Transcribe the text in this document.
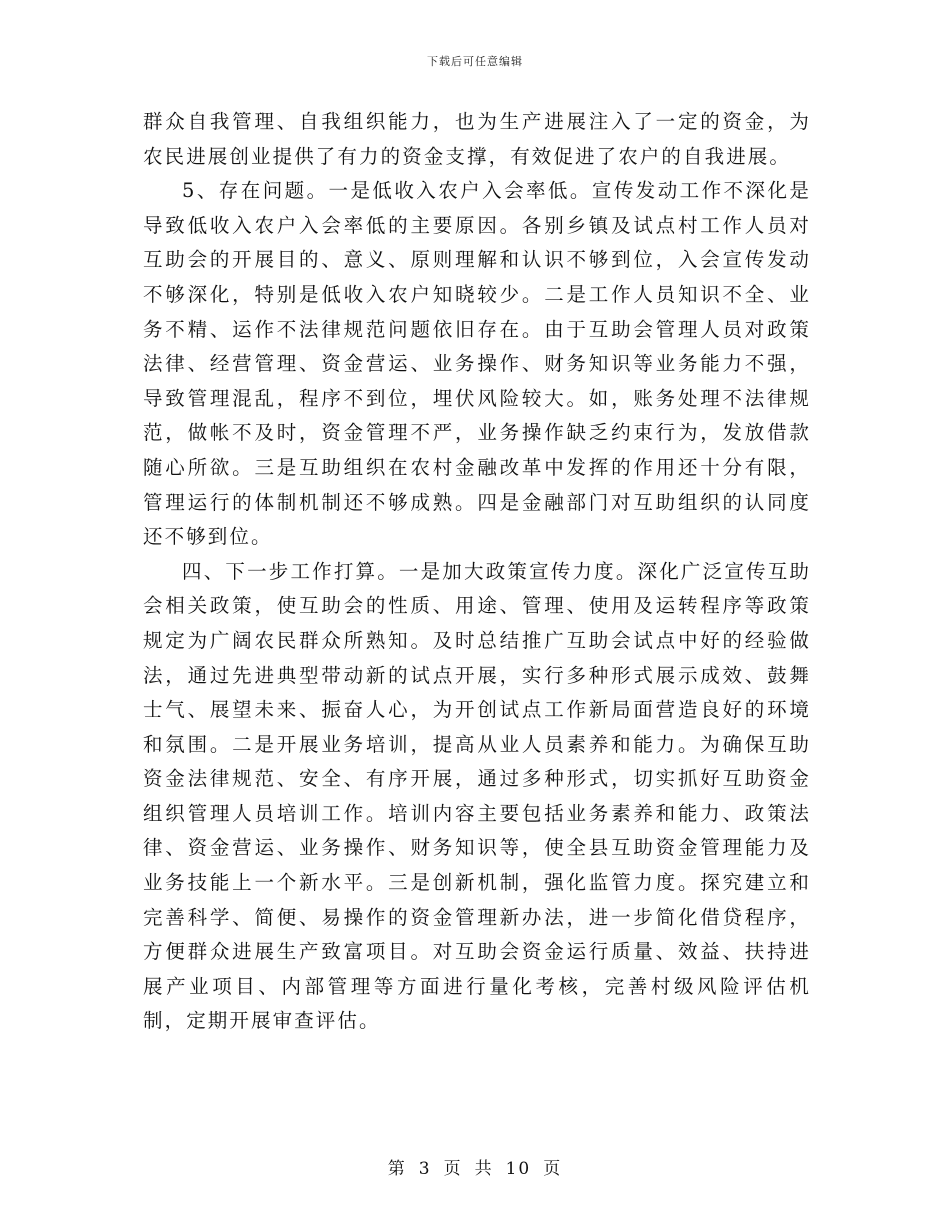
下载后可任意编辑

群众自我管理、自我组织能力，也为生产进展注入了一定的资金，为农民进展创业提供了有力的资金支撑，有效促进了农户的自我进展。

5、存在问题。一是低收入农户入会率低。宣传发动工作不深化是导致低收入农户入会率低的主要原因。各别乡镇及试点村工作人员对互助会的开展目的、意义、原则理解和认识不够到位，入会宣传发动不够深化，特别是低收入农户知晓较少。二是工作人员知识不全、业务不精、运作不法律规范问题依旧存在。由于互助会管理人员对政策法律、经营管理、资金营运、业务操作、财务知识等业务能力不强，导致管理混乱，程序不到位，埋伏风险较大。如，账务处理不法律规范，做帐不及时，资金管理不严，业务操作缺乏约束行为，发放借款随心所欲。三是互助组织在农村金融改革中发挥的作用还十分有限，管理运行的体制机制还不够成熟。四是金融部门对互助组织的认同度还不够到位。

四、下一步工作打算。一是加大政策宣传力度。深化广泛宣传互助会相关政策，使互助会的性质、用途、管理、使用及运转程序等政策规定为广阔农民群众所熟知。及时总结推广互助会试点中好的经验做法，通过先进典型带动新的试点开展，实行多种形式展示成效、鼓舞士气、展望未来、振奋人心，为开创试点工作新局面营造良好的环境和氛围。二是开展业务培训，提高从业人员素养和能力。为确保互助资金法律规范、安全、有序开展，通过多种形式，切实抓好互助资金组织管理人员培训工作。培训内容主要包括业务素养和能力、政策法律、资金营运、业务操作、财务知识等，使全县互助资金管理能力及业务技能上一个新水平。三是创新机制，强化监管力度。探究建立和完善科学、简便、易操作的资金管理新办法，进一步简化借贷程序，方便群众进展生产致富项目。对互助会资金运行质量、效益、扶持进展产业项目、内部管理等方面进行量化考核，完善村级风险评估机制，定期开展审查评估。

第 3 页 共 10 页
